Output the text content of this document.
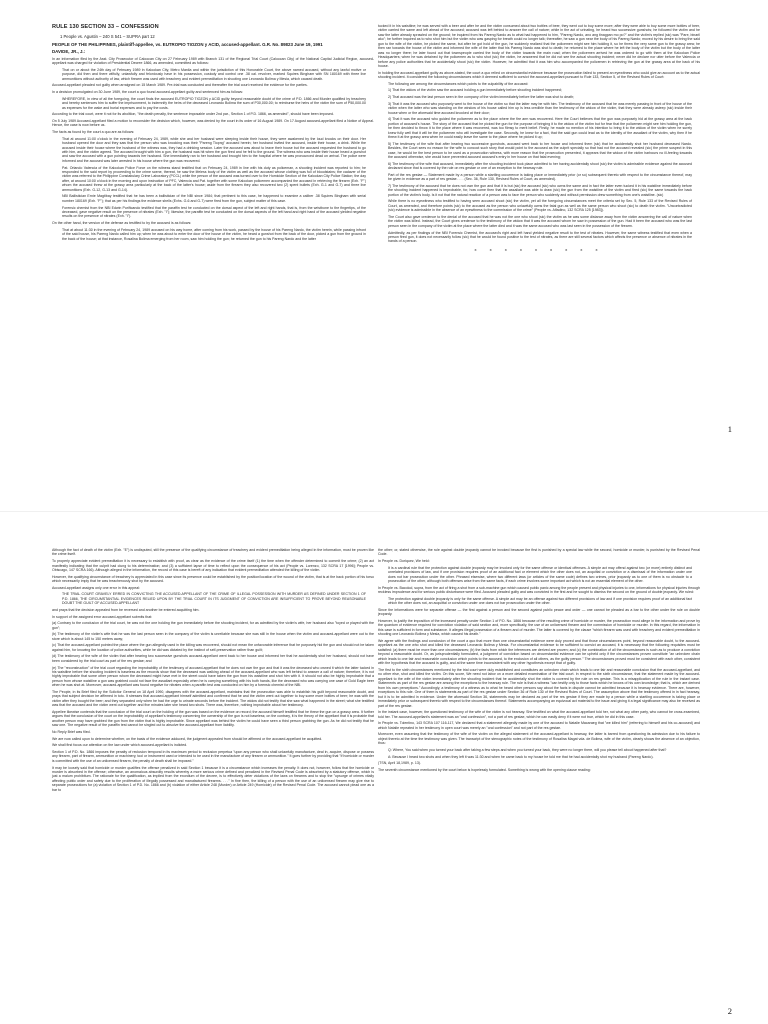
RULE 130 SECTION 33 – CONFESSION
1 People vs. Agustin – 240 S 541 – SUPRA part 12
PEOPLE OF THE PHILIPPINES, plaintiff-appellee, vs. EUTROPIO TIOZON y ACID, accused-appellant. G.R. No. 89823 June 19, 1991
DAVIDE, JR., J.:

In an information filed by the Asst. City Prosecutor of Caloocan City on 27 February 1989 with Branch 131 of the Regional Trial Court (Caloocan City) of the National Capital Judicial Region, accused-appellant was charged for violation of Presidential Decree 1866, as amended, committed as follows:

That on or about the 24th day of February 1989 in Kalookan City, Metro Manila and within the jurisdiction of this Honorable Court, the above named accused, without any lawful motive or purpose, did then and there wilfully, unlawfully and feloniously have in his possession, custody and control one .38 cal. revolver, marked Squires Bingham with SN 180169 with three live ammunitions without authority of law, which firearm was used with treachery and evident premeditation in shooting one Leonardo Bolima y Mesia, which caused death.

Accused-appellant pleaded not guilty when arraigned on 15 March 1989. Pre-trial was conducted and thereafter the trial court received the evidence for the parties.

In a decision promulgated on 30 June 1989, the court a quo found accused-appellant guilty and sentenced him as follows:

WHEREFORE, in view of all the foregoing, the court finds the accused EUTROPIO TIOZON y ACID guilty beyond reasonable doubt of the crime of P.D. 1866 and Murder qualified by treachery and hereby sentences him to suffer the imprisonment, to indemnify the heirs of the deceased Leonardo Bolima the sum of P30,000.00; to reimburse the heirs of the victim the sum of P50,000.00 as expenses for the wake and burial expenses and to pay the costs.

According to the trial court, were it not for its abolition, "the death penalty, the sentence imposable under 2nd par., Section 1 of P.D. 1866, as amended", should have been imposed.

On 5 July 1989 Accused-appellant filed a motion to reconsider the decision which, however, was denied by the court in its order of 16 August 1989. On 17 August accused-appellant filed a Notice of Appeal. Hence, the case is now before us.

The facts as found by the court a quo are as follows:

That at around 11:00 o'clock in the evening of February 24, 1989, while she and her husband were sleeping inside their house, they were awakened by the loud knocks on their door. Her husband opened the door and they saw that the person who was knocking was their "Pareng Tiopng" accused herein; her husband invited the accused, inside their house, a drink. While the accused inside their house where the husband of the witness was, they had a drinking session. Later the accused was about to leave their house but the accused requested the husband to go with him, and the victim agreed. The accused brought with him a gun, the husband was hit when the gun fired and he fell to the ground. The witness who was inside their house heard a gunshot and saw the accused with a gun pointing towards her husband. She immediately ran to her husband and brought him to the hospital where he was pronounced dead on arrival. The police were informed and the accused was later arrested in his house where the gun was recovered.

Pat. Orlando Valencia of the Kalookan Police Force on the witness stand testified that on February 24, 1989 in line with his duty as policeman, a shooting incident was reported to him; he responded to the said report by proceeding to the crime scene, thereat, he saw the lifeless body of the victim as well as the accused whose clothing was full of bloodstains; the cadaver of the victim was referred to the Philippine Constabulary Crime Laboratory (PCCL) while the person of the accused was turned over to the Homicide Section of the Kalookan City Police Station; the day after, at around 10:00 o'clock in the morning and upon instruction of PFC, Valencia and Pat. together with some Kalookan policemen accompanied the accused in retrieving the firearm (Exh. "F") whom the accused threw at the grassy area particularly at the back of the latter's house; aside from the firearm they also recovered two (2) spent bullets (Exh. G-1 and G-7) and three live ammunitions (Exh. G-12, G-13 and G-14).

NBI Ballistician Ernie Magtibay testified that he has been a ballistician of the NBI since 1984; that pertinent to this case, he happened to examine a caliber .38 Squires Bingham with serial number 180169 (Exh. "F"); that as per his findings the evidence shells (Exhs. G-6 and G-7) were fired from the gun, subject matter of this case.

Forensic chemist from the NBI Edwin Purificando testified that the paraffin test he conducted on the dorsal aspect of the left and right hands, that is, from the wristbone to the fingertips, of the deceased, gave negative result on the presence of nitrates (Exh. "I"); likewise, the paraffin test he conducted on the dorsal aspects of the left hand and right hand of the accused yielded negative results on the presence of nitrates (Exh. "I").

On the other hand, the version of the defense as testified to by the accused is as follows:

That at about 11:30 in the evening of February 24, 1989 accused on his way home, after coming from his work, passed by the house of his Pareng Nardo, the victim herein, while passing infront of the said house, his Pareng Nardo called him up; when he was about to enter the door of the house of the victim, he heard a gunshot from the back of the door, picked a gun from the ground in the back of the house; at that instance, Rosalina Bolima emerging from her room, saw him holding the gun; he returned the gun to his Pareng Nardo and the latter

tucked it in his waistline; he was served with a beer and after he and the victim consumed about two bottles of beer, they went out to buy some more; after they were able to buy some more bottles of beer, victim carried the same and left ahead of the accused; accused was left behind to answer the call of nature; while in the act of urinating, he heard two successive gunshots; he followed the victim and he saw the latter already sprawled on the ground; he inquired from his Pareng Nardo as to what had happened to him, "Pareng Nardo, ano ang tinagpan mo po?" and the victim's replied (sic) was "Pare, binaril ako"; he further inquired as to who shot him but the victim who was gasping for breath could no longer talk; thereafter, he saw a gun near the body of his Pareng Nardo; moved by his desire to bring the said gun to the wife of the victim, he picked the same, but after he got hold of the gun, he suddenly realized that the policemen might see him holding it, so he threw the very same gun to the grassy area; he then ran towards the house of the victim and informed the wife of the latter that his Pareng Nardo was shot to death; he returned to the place where he left the body of the victim but the body of the latter was no longer there; he later found out that townspeople carried the body of the victim towards the main road; when the policemen arrived he was ordered to go with them at the Kalookan Police Headquarters; when he was detained by the policemen as to who shot (sic) the victim, he answered that he did not see the actual shooting incident; never did he declare nor utter before the Valencia or before any police authorities that he accidentally shoot (sic) the victim. However, he admitted that it was him who accompanied the policemen in retrieving the gun at the grassy area at the back of his house.

In holding the accused-appellant guilty as above-stated, the court a quo relied on circumstantial evidence because the prosecution failed to present an eyewitness who could give an account as to the actual shooting incident. It considered the following circumstances which it deemed sufficient to convict the accused-appellant pursuant to Rule 133, Section 5, of the Revised Rules of Court:

The following are among the circumstances which points to the culpability of the accused:

1) That the widow of the victim saw the accused holding a gun immediately before shooting incident happened;

2) That accused was the last person seen in the company of the victim immediately before the latter was shot to death;

3) That it was the accused who purposely went to the house of the victim so that the latter may be with him. The testimony of the accused that he was merely passing in front of the house of the victim when the latter who was standing on the window of his house called him up is less credible than the testimony of the widow of the victim, that they were already asleep (sic) inside their house when or the aforesaid time accused knocked at their door;

4) That it was the accused who guided the policemen as to the place where the fire arm was recovered. Here the Court believes that the gun was purposely hid at the grassy area at the back portion of accused's house. The story of the accused that he picked the gun for the purpose of bringing it to the widow of the victim but for fear that the policemen might see him holding the gun, he then decided to throw it to the place where it was recovered, was too flimsy to merit belief. Firstly, he made no mention of his intention to bring it to the widow of the victim when he surely knew fully well that it will be the policemen who will investigate the case. Secondly, he knew for a fact, that the said gun could lead as to the identity of the assailant of the victim, why then if he threw it at the grassy area when he could easily leave the same to the place where he picked it up;

5) The testimony of the wife that after hearing two successive gunshots, accused went back to her house and informed them (sic) that he accidentally shot her husband deceased Nardo. Besides, the Court sees no reason for the wife to concoct such story that would point to the accused as the culprit specially so that had not the accused revealed (sic) the prime suspect in this case, he would be the best person to be used as a prosecution witness, with more reason that the prosecution presented, it appears that the widow of the victim harbours no ill-feeling towards the accused otherwise, she would have prevented accused accused's entry in her house on that fatal evening;

6) The testimony of the wife that accused, immediately after the shooting incident took place admitted to her having accidentally shoot (sic) the victim is admissible evidence against the accused declarant since that is covered by the rule on res gestae or one of an exception to the hearsay rule.

Part of the res gestae — Statement made by a person while a startling occurrence is taking place or immediately prior (or so) subsequent thereto with respect to the circumstance thereof, may be given in evidence as a part of res gestae. . . . (Sec. 36, Rule 130, Revised Rules of Court, as amended).

7) The testimony of the accused that he does not own the gun and that it is but (sic) the accused (sic) who owns the same and in fact the latter even tucked it in his waistline immediately before the shooting incident happened is improbable, for, how come then that the assailant was able to draw (sic) the gun from the waistline of the victim and fired (sic) the same towards the back portion of the victim's body. Is it not that the natural reaction of a person was to face the person who suddenly and without permission drew something from one's waistline. (sic)

While there is no eyewitness who testified to having seen accused shoot (sic) the victim, yet all the foregoing circumstances meet the criteria set by Sec. 5, Rule 133 of the Revised Rules of Court, as amended, and therefore points (sic) to the accused as the person who unlawfully owns the fatal gun as well as the same person who shoot (sic) to death the victim. "Uncontradicted (sic) evidence is admissible in the absence of an eyewitness to the commission of the crime" (People vs. Alfadino, 132 SCRA 125 [1983]).

The Court also gave credence to the denial of the accused that he was not the one who shoot (sic) the victim as he was some distance away from the victim answering the call of nature when the victim was killed. Instead, the Court gives credence to the testimony of the widow that it was the accused whom he saw in possession of the gun. Had it been the accused who was the last person seen in the company of the victim at the place where the latter died and it was the same accused who was last seen in the possession of the firearm.

Admittedly, as per findings of the NBI Forensic Chemist, the accused's right and left hand yielded negative result to the test of nitrates. However, the same witness testified that even when a person fired gun, it does not necessarily follow (sic) that he would be found positive to the test of nitrates, as there are still several factors which affects the presence or absence of nitrates in the hands of a person.

x x x x x x x x x
1

Although the fact of death of the victim (Exh. "E") is undisputed, still the presence of the qualifying circumstance of treachery and evident premeditation being alleged in the information, must be proven like the crime itself.

To properly appreciate evident premeditation it is necessary to establish with proof, as clear as the evidence of the crime itself (1) the time when the offender determined to commit the crime; (2) an act manifestly indicating that the culprit had clung to his determination; and (3) a sufficient lapse of time to reflect upon the consequence of his act (People vs. Lorenzo, 132 SCRA 17 [1996]; People vs. Obiscago, 147 SCRA 166). Although alleged in the information, the record of this case is bereft of any indication that evident premeditation attended the killing of the victim.

However, the qualifying circumstance of treachery is appreciated in this case since its presence could be established by the position/location of the wound of the victim, that is at the back portion of his torso which necessarily imply that he was treacherously shot by the accused.

Accused-appellant assigns only one error in this appeal:

THE TRIAL COURT GRAVELY ERRED IN CONVICTING THE ACCUSED-APPELLANT OF THE CRIME OF ILLEGAL POSSESSION WITH MURDER AS DEFINED UNDER SECTION 1 OF P.D. 1866, THE CIRCUMSTANTIAL EVIDENCES RELIED UPON BY THE TRIAL COURT IN ITS JUDGMENT OF CONVICTION ARE INSUFFICIENT TO PROVE BEYOND REASONABLE DOUBT THE GUILT OF ACCUSED-APPELLANT

and prays that the decision appealed from be reversed and another be entered acquitting him.

In support of the assigned error accused-appellant submits that:

(a) Contrary to the conclusion of the trial court, he was not the one holding the gun immediately before the shooting incident, for as admitted by the victim's wife, her husband also "toyed or played with the gun";

(b) The testimony of the victim's wife that he was the last person seen in the company of the victim is unreliable because she was still in the house when the victim and accused-appellant were out to the store which is about 145 to 150 meters away;

(c) That the accused-appellant pointed the place where the gun allegedly used in the killing was recovered, should not mean the unfavorable inference that he purposely hid the gun and should not be taken against him, for knowing the location of police authorities, while he did was dictated by the instinct of self-preservation rather than guilt;

(d) The testimony of the wife of the victim that after hearing two successive gunshots accused-appellant went back to her house and informed her that he accidentally shot her husband, should not have been considered by the trial court as part of the res gestae; and

(e) The "reconstruction" of the trial court regarding the improbability of the testimony of accused-appellant that he does not own the gun and that it was the deceased who owned it which the latter tucked in his waistline before the shooting incident is baseless as the records show that the deceased was walking ahead of the accused-appellant who was left behind to answer a call of nature; therefore, it is not highly improbable that some other person whom the deceased might have met in the street could have taken the gun from his waistline and shot him with it. It should not also be highly improbable that a person from whose waistline a gun was grabbed could not face the assailant especially when he is carrying something with his both hands, like the deceased who was carrying one case of Gold Eagle beer when he was shot at. Moreover, accused-appellant was found negative for nitrates when a paraffin test was conducted on him by a forensic chemist of the NBI.

The People, in its Brief filed by the Solicitor General on 18 April 1990, disagrees with the accused-appellant, maintains that the prosecution was able to establish his guilt beyond reasonable doubt, and prays that subject decision be affirmed in toto. It stresses that accused-appellant himself admitted and confirmed that he and the victim went out together to buy some more bottles of beer; he was with the victim after they bought the beer; and they separated only when he had the urge to urinate seconds before the incident. The widow did not testify that she saw what happened in the street; what she testified was that the accused and the victim went out together and five minutes later she heard two shots. There was, therefore, nothing improbable about her testimony.

Appellee likewise contends that the conclusion of the trial court on the holding of the gun was based on the evidence on record; the accused himself testified that he threw the gun on a grassy area. It further argues that the conclusion of the court on the improbability of appellant's testimony concerning the ownership of the gun is not baseless; on the contrary, it is the theory of the appellant that it is probable that another person may have grabbed the gun from the victim that is highly improbable. Since appellant was behind the victim he could have seen a third person grabbing the gun. As he did not testify that he saw one. The negative result of the paraffin test cannot be singled out to absolve the accused-appellant from liability.

No Reply Brief was filed.

We are now called upon to determine whether, on the basis of the evidence adduced, the judgment appealed from should be affirmed or the accused-appellant be acquitted.

We shall first focus our attention on the law under which accused-appellant is indicted.

Section 1 of P.D. No. 1866 imposes the penalty of reclusion temporal in its maximum period to reclusion perpetua "upon any person who shall unlawfully manufacture, deal in, acquire, dispose or possess any firearm, part of firearm, ammunition or machinery, tool or instrument used or intended to be used in the manufacture of any firearm or ammunition." It goes further by providing that "if homicide or murder is committed with the use of an unlicensed firearm, the penalty of death shall be imposed."

It may be loosely said that homicide or murder qualifies the offense penalized in said Section 1 because it is a circumstance which increases the penalty. It does not, however, follow that the homicide or murder is absorbed in the offense; otherwise, an anomalous absurdity results whereby a more serious crime defined and penalized in the Revised Penal Code is absorbed by a statutory offense, which is just a malum prohibitum. The rationale for the qualification, as implied from the exordium of the decree, is to effectively deter violations of the laws on firearms and to stop the "upsurge of crimes vitally affecting public order and safety due to the proliferation of illegally possessed and manufactured firearms. . . ." In fine then, the killing of a person with the use of an unlicensed firearm may give rise to separate prosecutions for (a) violation of Section 1 of P.D. No. 1866 and (b) violation of either Article 248 (Murder) or Article 249 (Homicide) of the Revised Penal Code. The accused cannot plead one as a bar to

the other; or, stated otherwise, the rule against double jeopardy cannot be invoked because the first is punished by a special law while the second, homicide or murder, is punished by the Revised Penal Code.

In People vs. Doriquez, We held:

It is a cardinal rule that the protection against double jeopardy may be invoked only for the same offense or identical offenses. A simple act may offend against two (or more) entirely distinct and unrelated provisions of law, and if one provision requires proof of an additional fact or element which the other does not, an acquittal or conviction or a dismissal of the information under one does not bar prosecution under the other. Phrased elsewise, where two different laws (or articles of the same code) defines two crimes, prior jeopardy as to one of them is no obstacle to a prosecution of the other, although both offenses arise from the same facts, if each crime involves some important act which is not an essential element of the other.

In People vs. Bacolod, supra, from the act of firing a shot from a sub-machine gun which caused public panic among the people present and physical injuries to one, informations for physical injuries through reckless imprudence and for serious public disturbance were filed. Accused pleaded guilty and was convicted in the first and he sought to dismiss the second on the ground of double jeopardy. We ruled:

The protection against double jeopardy is only for the same offense. A simple act may be an offense against two different provisions of law and if one provision requires proof of an additional fact which the other does not, an acquittal or conviction under one does not bar prosecution under the other.

Since the informations were for separate offense — the first against a person and the second against public peace and order — one cannot be pleaded as a bar to the other under the rule on double jeopardy.

However, to justify the imposition of the increased penalty under Section 1 of P.D. No. 1866 because of the resulting crime of homicide or murder, the prosecution must allege in the information and prove by the quantum of evidence required for conviction violation of said section and, more specifically, the use of an unlicensed firearm and the commission of homicide or murder. In this regard, the information in this case is sufficient in form and substance. It alleges illegal possession of a firearm and of murder. The latter is covered by the clause "which firearm was used with treachery and evident premeditation in shooting one Leonardo Bolima y Mesia, which caused his death."

We agree with the findings and conclusion of the court a quo that more than one circumstantial evidence were duly proved and that those circumstances point, beyond reasonable doubt, to the accused-appellant as the one who shot and killed the deceased Leonardo Bolima y Mesia. For circumstantial evidence to be sufficient to convict an accused, it is necessary that the following requisites must be satisfied: (a) there must be more than one circumstances; (b) the facts from which the inferences are derived are proven; and (c) the combination of all the circumstances is such as to produce a conviction beyond a reasonable doubt. Or, as jurisprudentially formulated, a judgment of conviction based on circumstantial evidence can be upheld only if the circumstances proven constitute "an unbroken chain which leads to one fair and reasonable conclusion which points to the accused, to the exclusion of all others, as the guilty person." The circumstances proved must be consistent with each other, consistent with the hypothesis that the accused is guilty, and at the same time inconsistent with any other hypothesis except that of guilty.

The first to the sixth circumstances mentioned by the trial court were duly established and constitutes an unbroken chain which leads to one fair and reasonable conclusion that the accused-appellant, and no other else, shot and killed the victim. On this score, We need not labor on a more detailed examination of the trial court. In respect to the sixth circumstance, that the statement made by the accused-appellant to the wife of the victim immediately after the shooting incident that he accidentally shot the victim is covered by the rule on res gestae. This is a misapplication of the rule in the instant case. Statements as part of the res gestae are among the exceptions to the hearsay rule. The rule is that a witness "can testify only to those facts which he knows of his own knowledge; that is, which are derived from his own perceptions." Accordingly, a testimony of a witness as to what he heard other persons say about the facts in dispute cannot be admitted because it is hearsay evidence. There are, however, exceptions to this rule. One of them is statements as part of the res gestae under Section 36 of Rule 130 of the Revised Rules of Court. The assumption above that the testimony offered in in fact hearsay, but it is to be admitted in evidence. Under the aforesaid Section 36, statements may be declared as part of the res gestae if they are made by a person while a startling occurrence is taking place or immediately prior or subsequent thereto with respect to the circumstances thereof. Statements accompanying an equivocal act material to the issue and giving it a legal significance may also be received as part of the res gestae.

In the instant case, however, the questioned testimony of the wife of the victim is not hearsay. She testified on what the accused-appellant told her, not what any other party, who cannot be cross-examined, told her. The accused-appellant's statement was an "oral confession", not a part of res gestae, which he can easily deny if it were not true, which he did in this case.

In People vs. Tolentino, 143 SCRA 107 116-117, We declared that a statement allegedly made by one of the accused to Natalie Macaraeg that "we killed him" (referring to himself and his co-accused) and which Natalie repeated in her testimony in open court was merely an "oral confession" and not part of the res gestae.

Moreover, even assuming that the testimony of the wife of the victim on the alleged statement of the accused-appellant is hearsay, the latter is barred from questioning its admission due to his failure to object thereto at the time the testimony was given. The transcript of the stenographic notes of the testimony of Rosalina Magat vda. de Bolima, wife of the victim, clearly shows the absence of an objection, thus:

Q: Where, You said when you turned your back after taking a few steps and when you turned your back, they were no longer there, will you please tell about happened after that?

A: Because I heard two shots and when they left it was 11:30 and when he came back to my house he told me that he had accidentally shot my husband (Pareng Nardo).

(TSN, April 18,1989, p. 13).

The seventh circumstance mentioned by the court below is hopelessly formulated. Something is wrong with the opening clause reading:

2
